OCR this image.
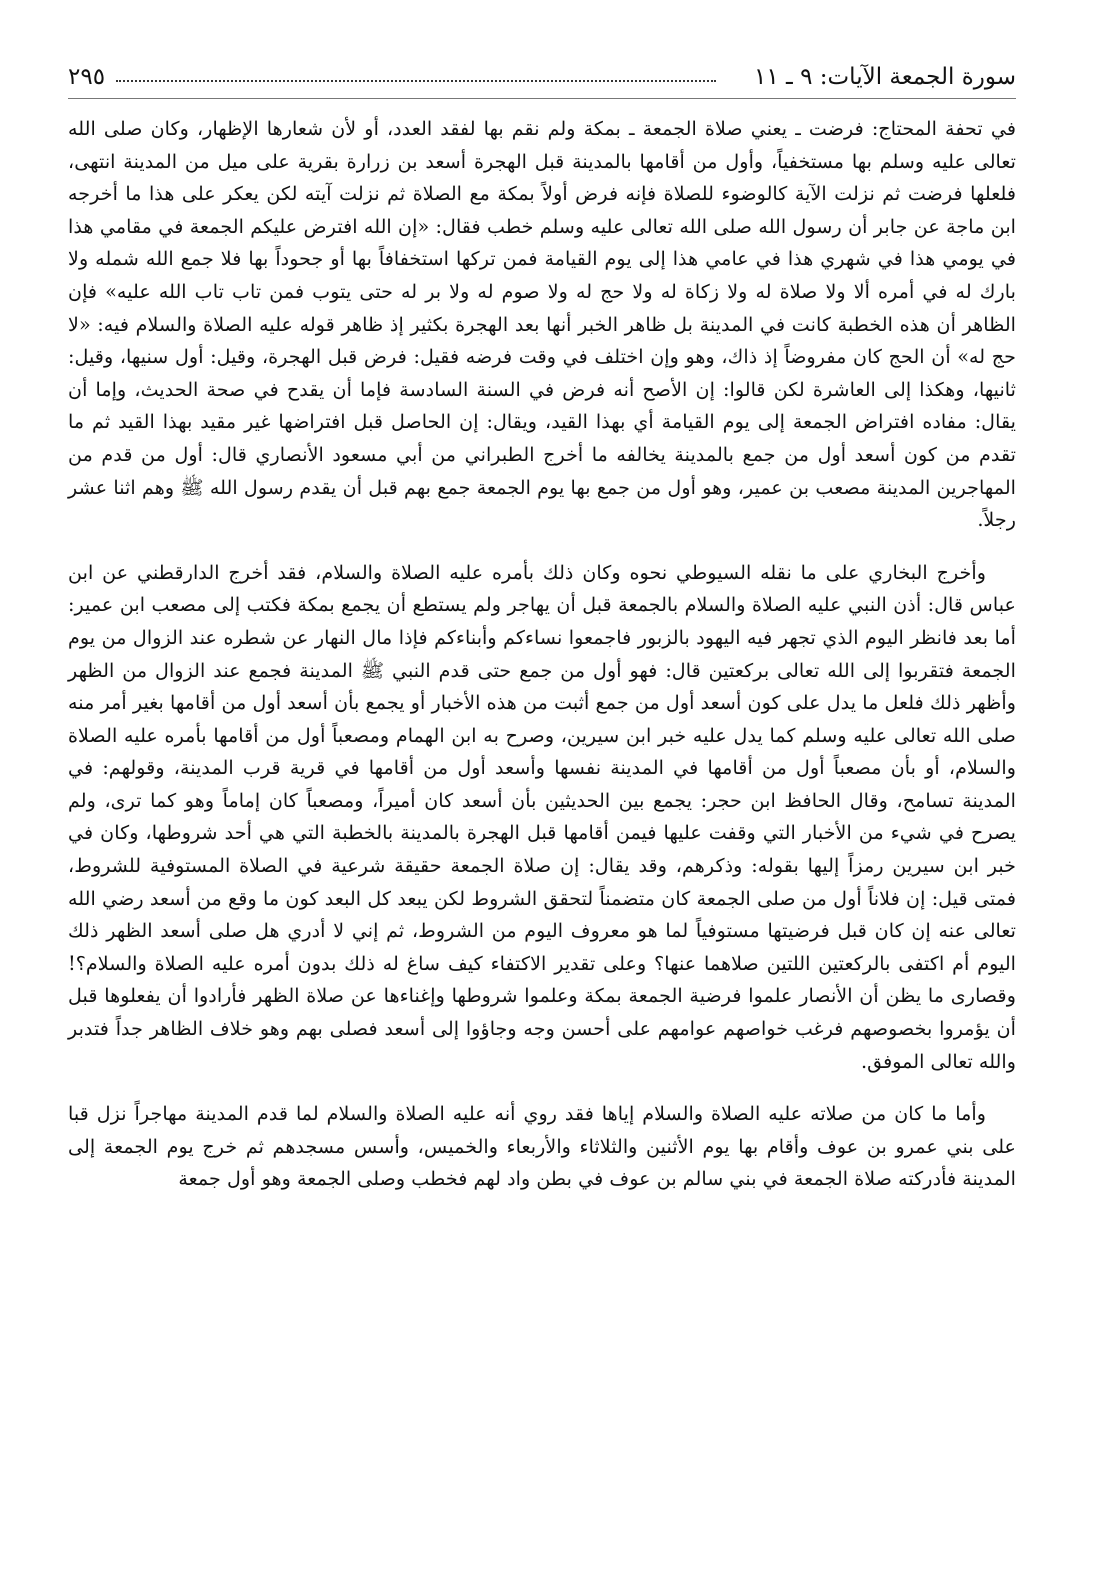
سورة الجمعة الآيات: ٩ ـ ١١
٢٩٥

في تحفة المحتاج: فرضت ـ يعني صلاة الجمعة ـ بمكة ولم نقم بها لفقد العدد، أو لأن شعارها الإظهار، وكان صلى الله تعالى عليه وسلم بها مستخفياً، وأول من أقامها بالمدينة قبل الهجرة أسعد بن زرارة بقرية على ميل من المدينة انتهى، فلعلها فرضت ثم نزلت الآية كالوضوء للصلاة فإنه فرض أولاً بمكة مع الصلاة ثم نزلت آيته لكن يعكر على هذا ما أخرجه ابن ماجة عن جابر أن رسول الله صلى الله تعالى عليه وسلم خطب فقال: «إن الله افترض عليكم الجمعة في مقامي هذا في يومي هذا في شهري هذا في عامي هذا إلى يوم القيامة فمن تركها استخفافاً بها أو جحوداً بها فلا جمع الله شمله ولا بارك له في أمره ألا ولا صلاة له ولا زكاة له ولا حج له ولا صوم له ولا بر له حتى يتوب فمن تاب تاب الله عليه» فإن الظاهر أن هذه الخطبة كانت في المدينة بل ظاهر الخبر أنها بعد الهجرة بكثير إذ ظاهر قوله عليه الصلاة والسلام فيه: «لا حج له» أن الحج كان مفروضاً إذ ذاك، وهو وإن اختلف في وقت فرضه فقيل: فرض قبل الهجرة، وقيل: أول سنيها، وقيل: ثانيها، وهكذا إلى العاشرة لكن قالوا: إن الأصح أنه فرض في السنة السادسة فإما أن يقدح في صحة الحديث، وإما أن يقال: مفاده افتراض الجمعة إلى يوم القيامة أي بهذا القيد، ويقال: إن الحاصل قبل افتراضها غير مقيد بهذا القيد ثم ما تقدم من كون أسعد أول من جمع بالمدينة يخالفه ما أخرج الطبراني من أبي مسعود الأنصاري قال: أول من قدم من المهاجرين المدينة مصعب بن عمير، وهو أول من جمع بها يوم الجمعة جمع بهم قبل أن يقدم رسول الله ﷺ وهم اثنا عشر رجلاً.

وأخرج البخاري على ما نقله السيوطي نحوه وكان ذلك بأمره عليه الصلاة والسلام، فقد أخرج الدارقطني عن ابن عباس قال: أذن النبي عليه الصلاة والسلام بالجمعة قبل أن يهاجر ولم يستطع أن يجمع بمكة فكتب إلى مصعب ابن عمير: أما بعد فانظر اليوم الذي تجهر فيه اليهود بالزبور فاجمعوا نساءكم وأبناءكم فإذا مال النهار عن شطره عند الزوال من يوم الجمعة فتقربوا إلى الله تعالى بركعتين قال: فهو أول من جمع حتى قدم النبي ﷺ المدينة فجمع عند الزوال من الظهر وأظهر ذلك فلعل ما يدل على كون أسعد أول من جمع أثبت من هذه الأخبار أو يجمع بأن أسعد أول من أقامها بغير أمر منه صلى الله تعالى عليه وسلم كما يدل عليه خبر ابن سيرين، وصرح به ابن الهمام ومصعباً أول من أقامها بأمره عليه الصلاة والسلام، أو بأن مصعباً أول من أقامها في المدينة نفسها وأسعد أول من أقامها في قرية قرب المدينة، وقولهم: في المدينة تسامح، وقال الحافظ ابن حجر: يجمع بين الحديثين بأن أسعد كان أميراً، ومصعباً كان إماماً وهو كما ترى، ولم يصرح في شيء من الأخبار التي وقفت عليها فيمن أقامها قبل الهجرة بالمدينة بالخطبة التي هي أحد شروطها، وكان في خبر ابن سيرين رمزاً إليها بقوله: وذكرهم، وقد يقال: إن صلاة الجمعة حقيقة شرعية في الصلاة المستوفية للشروط، فمتى قيل: إن فلاناً أول من صلى الجمعة كان متضمناً لتحقق الشروط لكن يبعد كل البعد كون ما وقع من أسعد رضي الله تعالى عنه إن كان قبل فرضيتها مستوفياً لما هو معروف اليوم من الشروط، ثم إني لا أدري هل صلى أسعد الظهر ذلك اليوم أم اكتفى بالركعتين اللتين صلاهما عنها؟ وعلى تقدير الاكتفاء كيف ساغ له ذلك بدون أمره عليه الصلاة والسلام؟! وقصارى ما يظن أن الأنصار علموا فرضية الجمعة بمكة وعلموا شروطها وإغناءها عن صلاة الظهر فأرادوا أن يفعلوها قبل أن يؤمروا بخصوصهم فرغب خواصهم عوامهم على أحسن وجه وجاؤوا إلى أسعد فصلى بهم وهو خلاف الظاهر جداً فتدبر والله تعالى الموفق.

وأما ما كان من صلاته عليه الصلاة والسلام إياها فقد روي أنه عليه الصلاة والسلام لما قدم المدينة مهاجراً نزل قبا على بني عمرو بن عوف وأقام بها يوم الأثنين والثلاثاء والأربعاء والخميس، وأسس مسجدهم ثم خرج يوم الجمعة إلى المدينة فأدركته صلاة الجمعة في بني سالم بن عوف في بطن واد لهم فخطب وصلى الجمعة وهو أول جمعة
